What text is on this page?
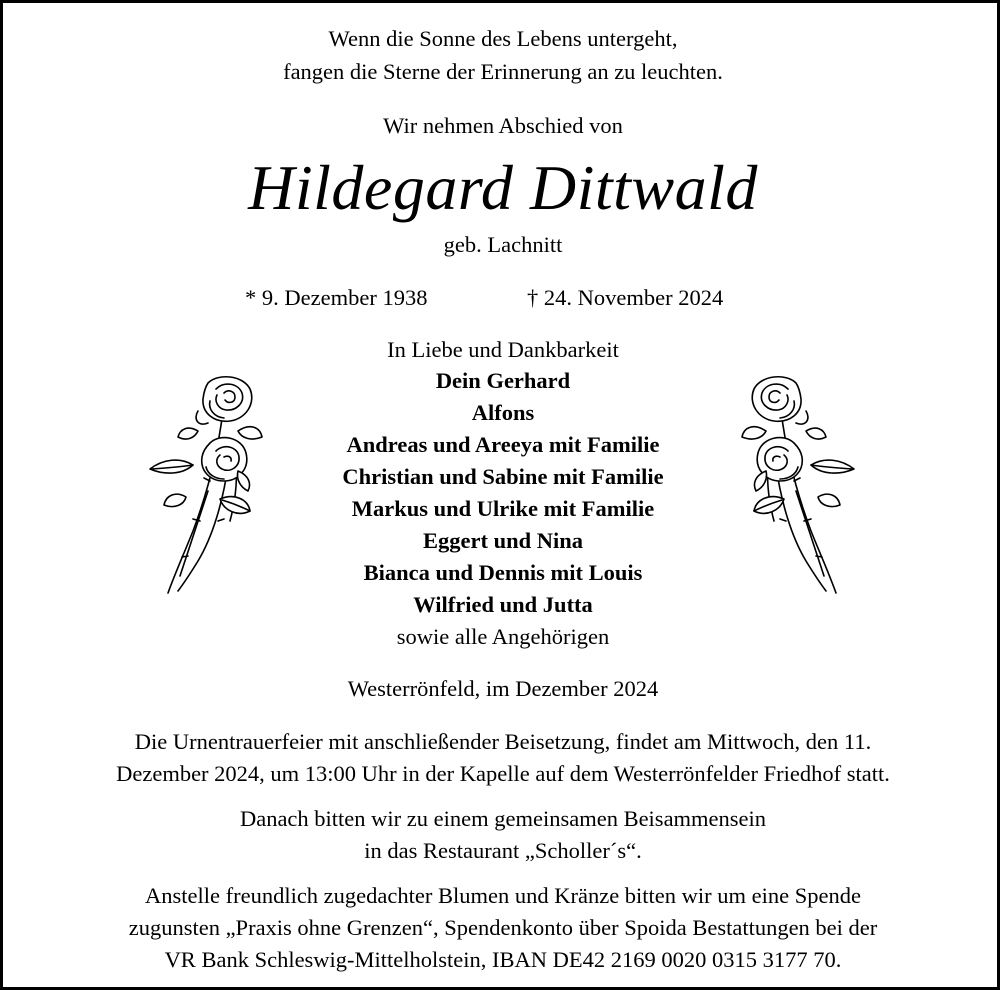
Wenn die Sonne des Lebens untergeht,
fangen die Sterne der Erinnerung an zu leuchten.
Wir nehmen Abschied von
Hildegard Dittwald
geb. Lachnitt
* 9. Dezember 1938	† 24. November 2024
In Liebe und Dankbarkeit
Dein Gerhard
Alfons
Andreas und Areeya mit Familie
Christian und Sabine mit Familie
Markus und Ulrike mit Familie
Eggert und Nina
Bianca und Dennis mit Louis
Wilfried und Jutta
sowie alle Angehörigen
Westerrönfeld, im Dezember 2024
Die Urnentrauerfeier mit anschließender Beisetzung, findet am Mittwoch, den 11.
Dezember 2024, um 13:00 Uhr in der Kapelle auf dem Westerrönfelder Friedhof statt.
Danach bitten wir zu einem gemeinsamen Beisammensein
in das Restaurant „Scholler´s“.
Anstelle freundlich zugedachter Blumen und Kränze bitten wir um eine Spende
zugunsten „Praxis ohne Grenzen“, Spendenkonto über Spoida Bestattungen bei der
VR Bank Schleswig-Mittelholstein, IBAN DE42 2169 0020 0315 3177 70.
